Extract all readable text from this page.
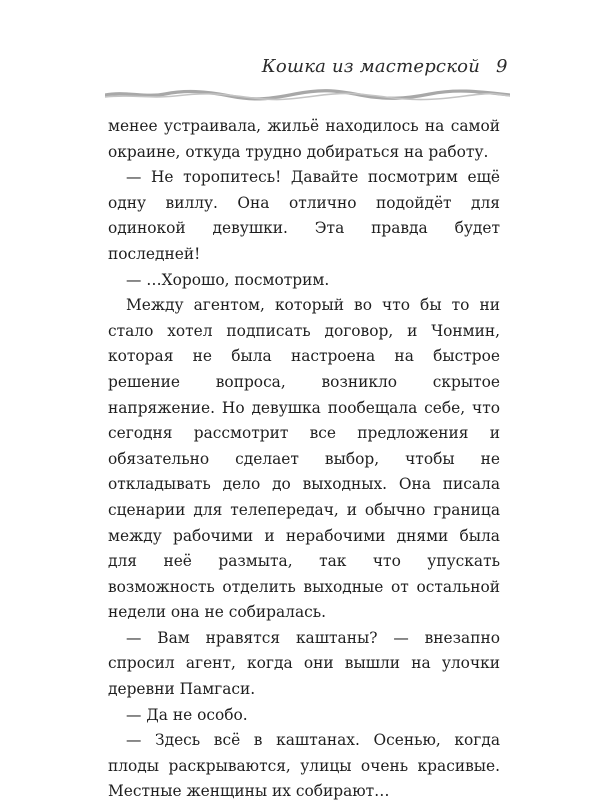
Кошка из мастерской 9

менее устраивала, жильё находилось на самой окраине, откуда трудно добираться на работу.

— Не торопитесь! Давайте посмотрим ещё одну виллу. Она отлично подойдёт для одинокой девушки. Эта правда будет последней!

— …Хорошо, посмотрим.

Между агентом, который во что бы то ни стало хотел подписать договор, и Чонмин, которая не была настроена на быстрое решение вопроса, возникло скрытое напряжение. Но девушка пообещала себе, что сегодня рассмотрит все предложения и обязательно сделает выбор, чтобы не откладывать дело до выходных. Она писала сценарии для телепередач, и обычно граница между рабочими и нерабочими днями была для неё размыта, так что упускать возможность отделить выходные от остальной недели она не собиралась.

— Вам нравятся каштаны? — внезапно спросил агент, когда они вышли на улочки деревни Памгаси.

— Да не особо.

— Здесь всё в каштанах. Осенью, когда плоды раскрываются, улицы очень красивые. Местные женщины их собирают…
